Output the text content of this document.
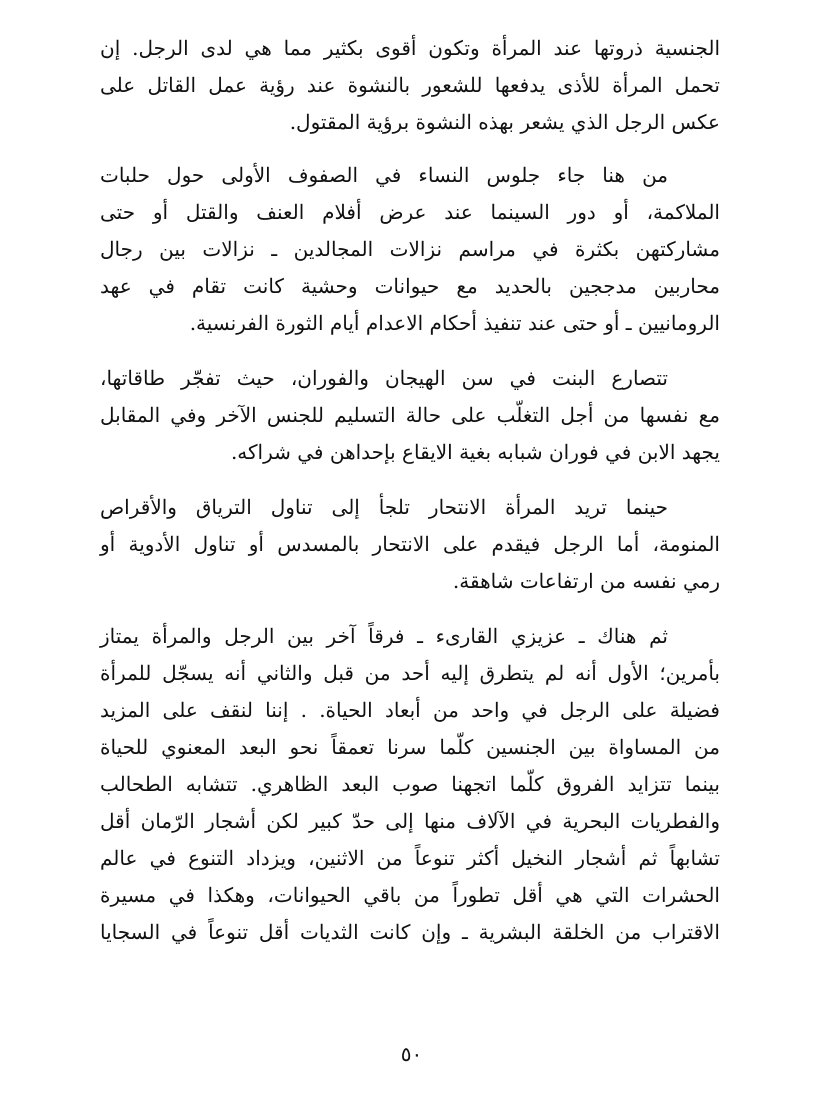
الجنسية ذروتها عند المرأة وتكون أقوى بكثير مما هي لدى الرجل. إن
تحمل المرأة للأذى يدفعها للشعور بالنشوة عند رؤية عمل القاتل على
عكس الرجل الذي يشعر بهذه النشوة برؤية المقتول.
من هنا جاء جلوس النساء في الصفوف الأولى حول حلبات
الملاكمة، أو دور السينما عند عرض أفلام العنف والقتل أو حتى
مشاركتهن بكثرة في مراسم نزالات المجالدين ـ نزالات بين رجال
محاربين مدججين بالحديد مع حيوانات وحشية كانت تقام في عهد
الرومانيين ـ أو حتى عند تنفيذ أحكام الاعدام أيام الثورة الفرنسية.
تتصارع البنت في سن الهيجان والفوران، حيث تفجّر طاقاتها،
مع نفسها من أجل التغلّب على حالة التسليم للجنس الآخر وفي المقابل
يجهد الابن في فوران شبابه بغية الايقاع بإحداهن في شراكه.
حينما تريد المرأة الانتحار تلجأ إلى تناول الترياق والأقراص
المنومة، أما الرجل فيقدم على الانتحار بالمسدس أو تناول الأدوية أو
رمي نفسه من ارتفاعات شاهقة.
ثم هناك ـ عزيزي القارىء ـ فرقاً آخر بين الرجل والمرأة يمتاز
بأمرين؛ الأول أنه لم يتطرق إليه أحد من قبل والثاني أنه يسجّل للمرأة
فضيلة على الرجل في واحد من أبعاد الحياة. . إننا لنقف على المزيد
من المساواة بين الجنسين كلّما سرنا تعمقاً نحو البعد المعنوي للحياة
بينما تتزايد الفروق كلّما اتجهنا صوب البعد الظاهري. تتشابه الطحالب
والفطريات البحرية في الآلاف منها إلى حدّ كبير لكن أشجار الرّمان أقل
تشابهاً ثم أشجار النخيل أكثر تنوعاً من الاثنين، ويزداد التنوع في عالم
الحشرات التي هي أقل تطوراً من باقي الحيوانات، وهكذا في مسيرة
الاقتراب من الخلقة البشرية ـ وإن كانت الثديات أقل تنوعاً في السجايا
٥٠
